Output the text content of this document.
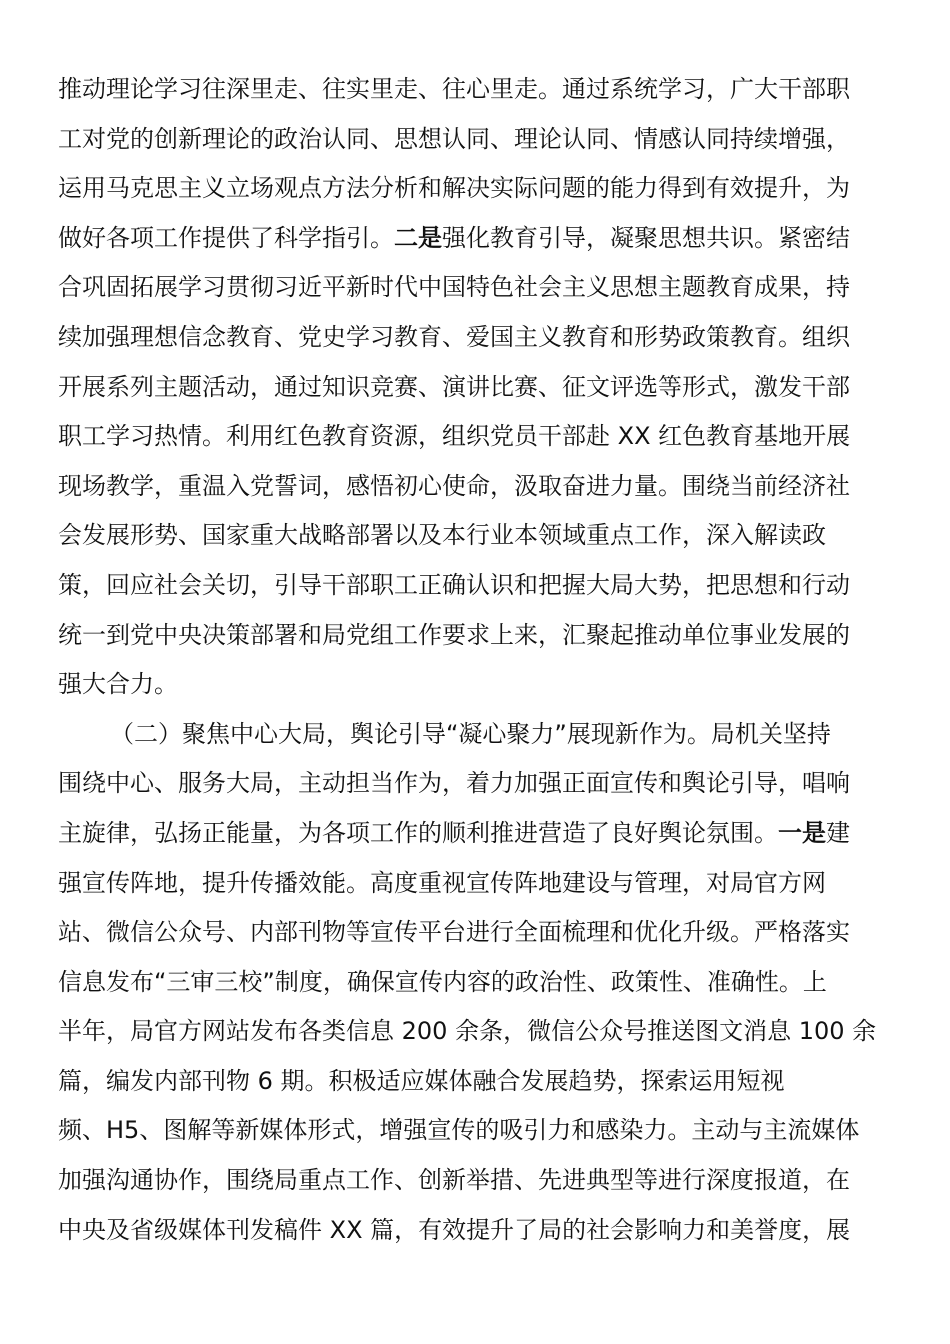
推动理论学习往深里走、往实里走、往心里走。通过系统学习，广大干部职
工对党的创新理论的政治认同、思想认同、理论认同、情感认同持续增强，
运用马克思主义立场观点方法分析和解决实际问题的能力得到有效提升，为
做好各项工作提供了科学指引。二是强化教育引导，凝聚思想共识。紧密结
合巩固拓展学习贯彻习近平新时代中国特色社会主义思想主题教育成果，持
续加强理想信念教育、党史学习教育、爱国主义教育和形势政策教育。组织
开展系列主题活动，通过知识竞赛、演讲比赛、征文评选等形式，激发干部
职工学习热情。利用红色教育资源，组织党员干部赴 XX 红色教育基地开展
现场教学，重温入党誓词，感悟初心使命，汲取奋进力量。围绕当前经济社
会发展形势、国家重大战略部署以及本行业本领域重点工作，深入解读政
策，回应社会关切，引导干部职工正确认识和把握大局大势，把思想和行动
统一到党中央决策部署和局党组工作要求上来，汇聚起推动单位事业发展的
强大合力。
（二）聚焦中心大局，舆论引导“凝心聚力”展现新作为。局机关坚持
围绕中心、服务大局，主动担当作为，着力加强正面宣传和舆论引导，唱响
主旋律，弘扬正能量，为各项工作的顺利推进营造了良好舆论氛围。一是建
强宣传阵地，提升传播效能。高度重视宣传阵地建设与管理，对局官方网
站、微信公众号、内部刊物等宣传平台进行全面梳理和优化升级。严格落实
信息发布“三审三校”制度，确保宣传内容的政治性、政策性、准确性。上
半年，局官方网站发布各类信息 200 余条，微信公众号推送图文消息 100 余
篇，编发内部刊物 6 期。积极适应媒体融合发展趋势，探索运用短视
频、H5、图解等新媒体形式，增强宣传的吸引力和感染力。主动与主流媒体
加强沟通协作，围绕局重点工作、创新举措、先进典型等进行深度报道，在
中央及省级媒体刊发稿件 XX 篇，有效提升了局的社会影响力和美誉度，展
